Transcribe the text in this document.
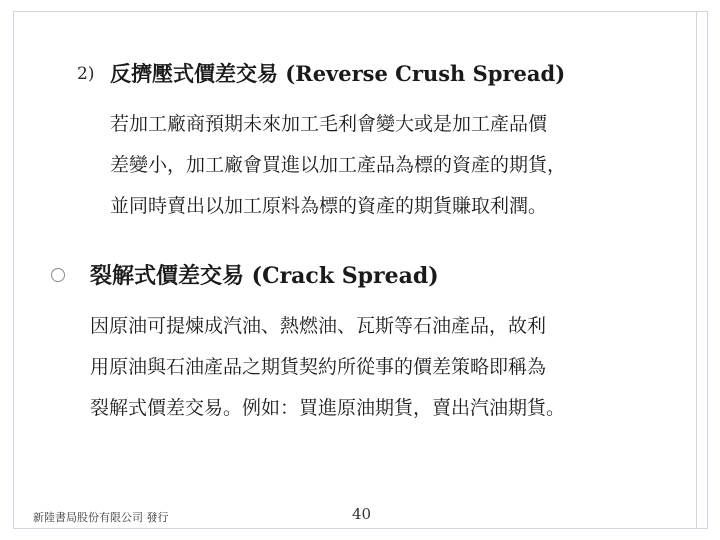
2) 反擠壓式價差交易 (Reverse Crush Spread)
若加工廠商預期未來加工毛利會變大或是加工產品價
差變小，加工廠會買進以加工產品為標的資產的期貨，
並同時賣出以加工原料為標的資產的期貨賺取利潤。
裂解式價差交易 (Crack Spread)
因原油可提煉成汽油、熱燃油、瓦斯等石油產品，故利
用原油與石油產品之期貨契約所從事的價差策略即稱為
裂解式價差交易。例如：買進原油期貨，賣出汽油期貨。
新陸書局股份有限公司 發行	40
